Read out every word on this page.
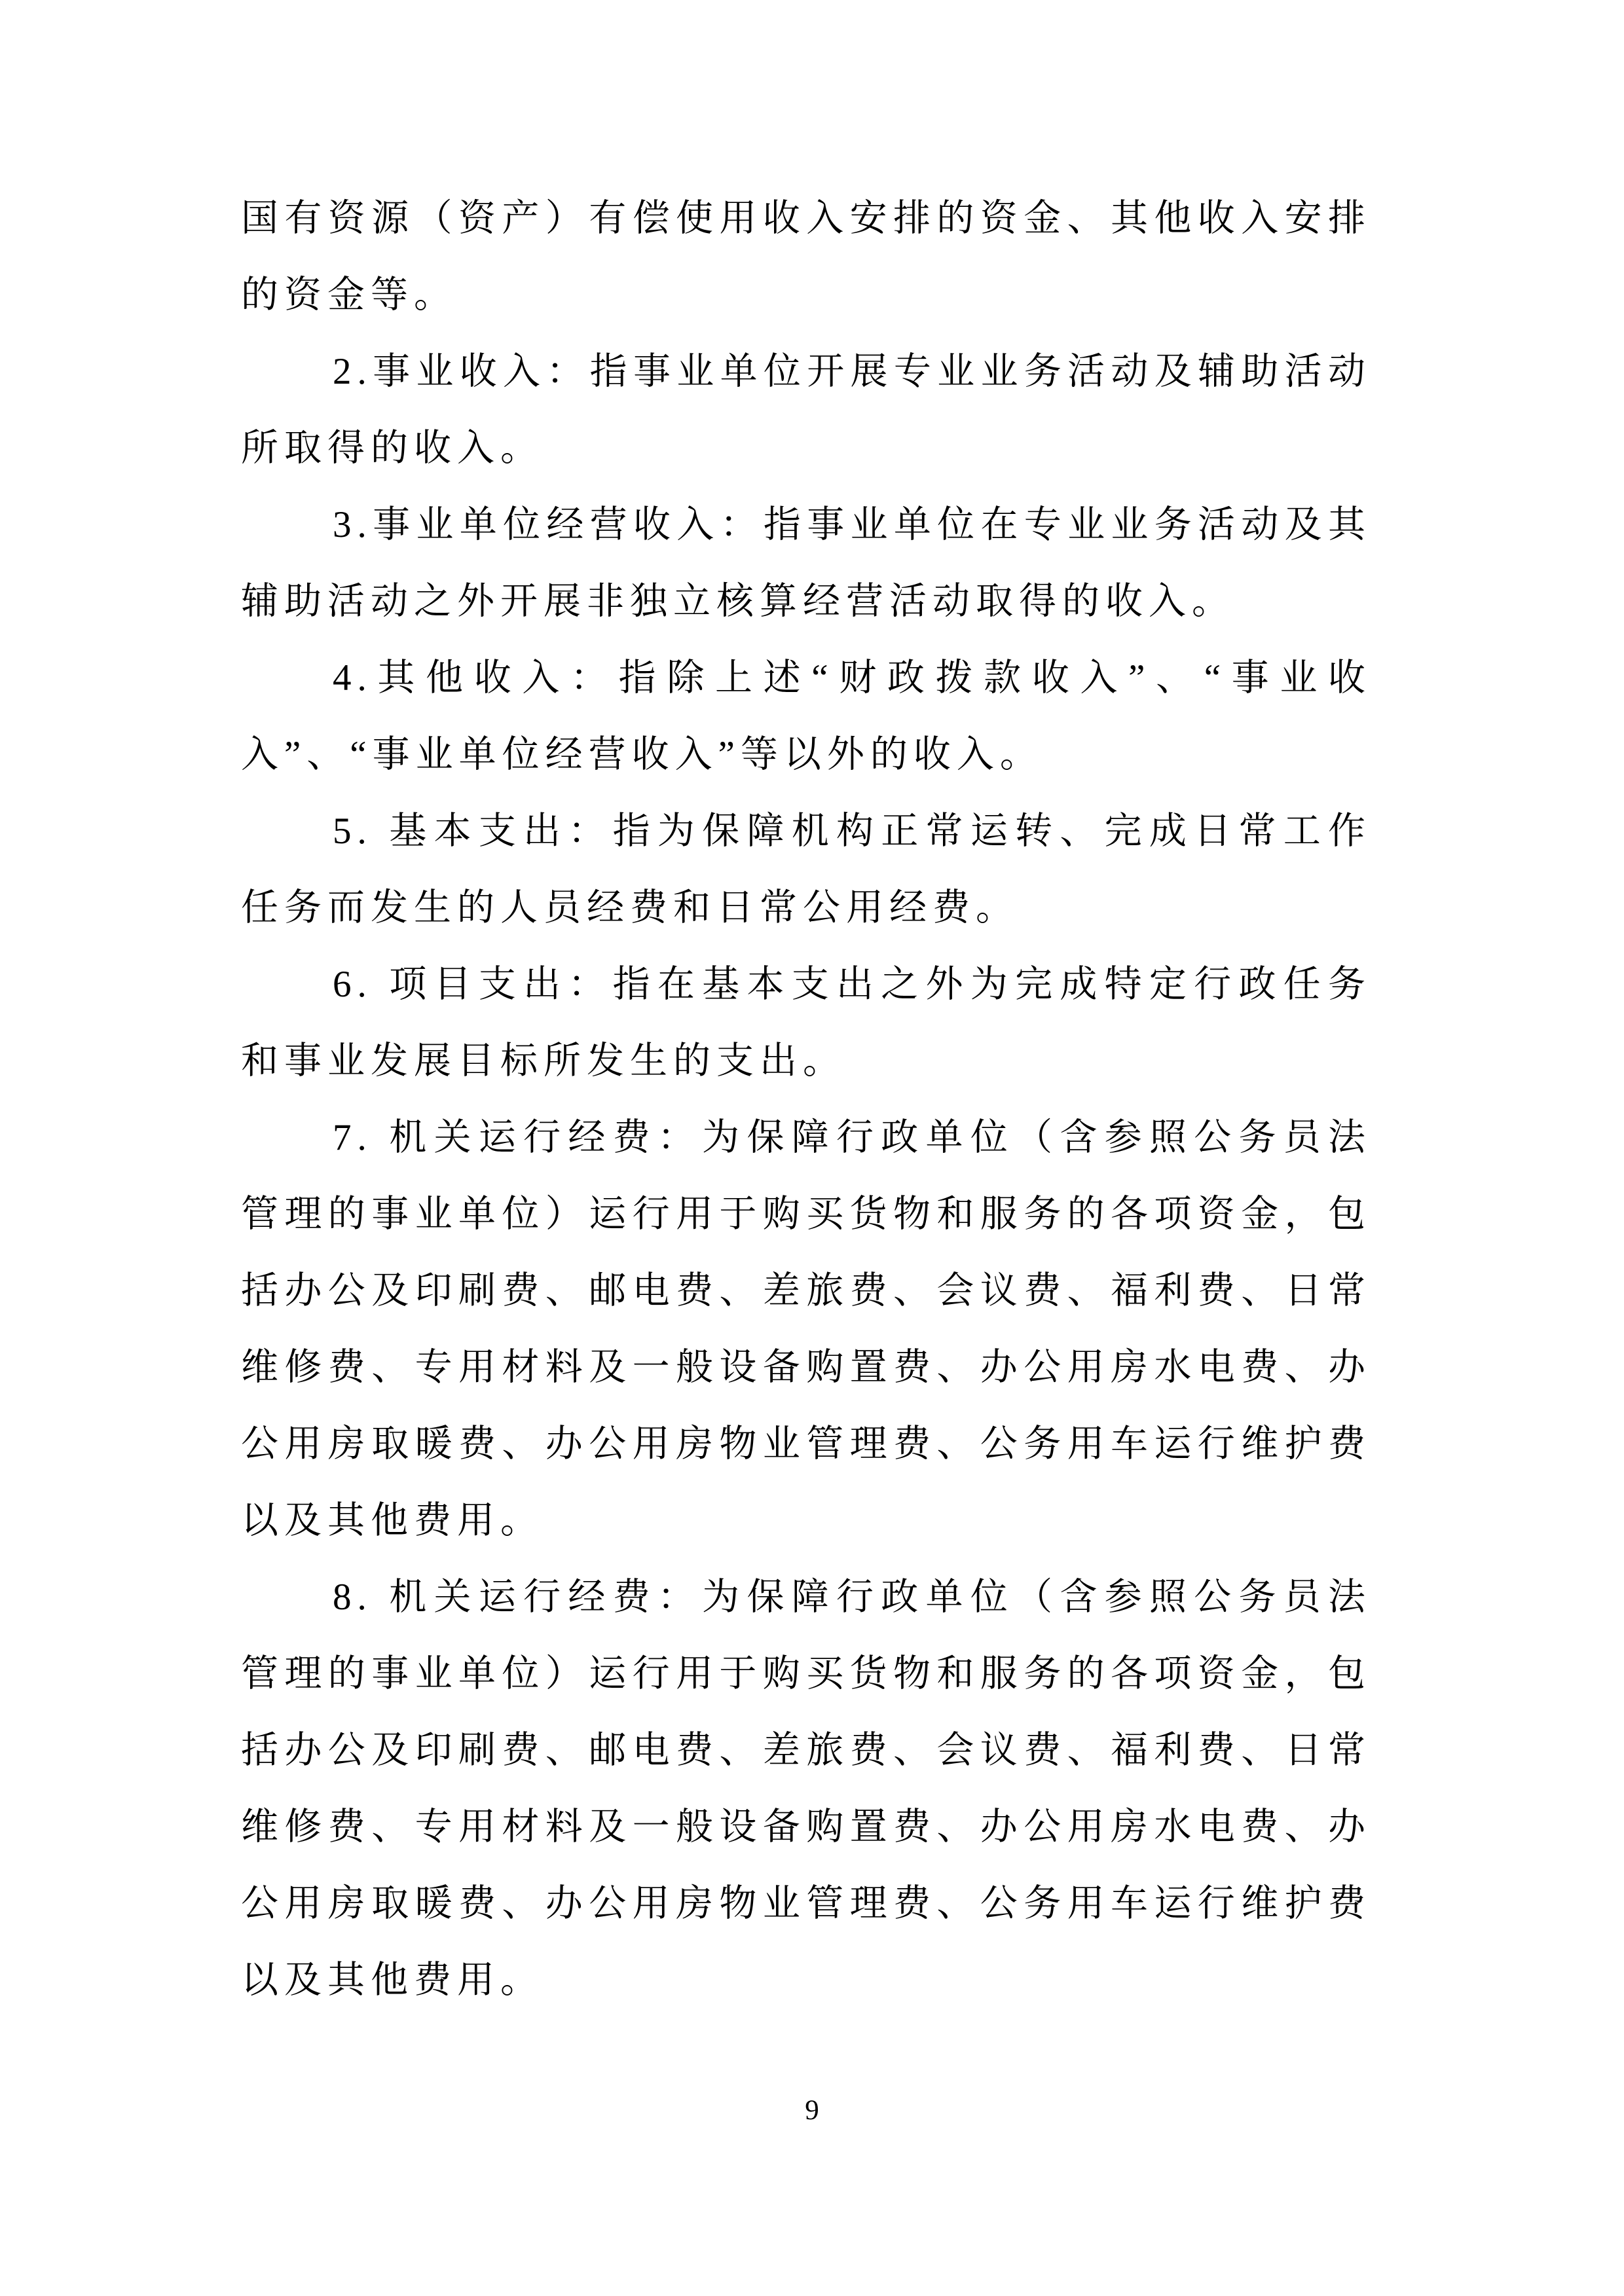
国有资源（资产）有偿使用收入安排的资金、其他收入安排的资金等。

2.事业收入：指事业单位开展专业业务活动及辅助活动所取得的收入。

3.事业单位经营收入：指事业单位在专业业务活动及其辅助活动之外开展非独立核算经营活动取得的收入。

4.其他收入：指除上述“财政拨款收入”、“事业收入”、“事业单位经营收入”等以外的收入。

5. 基本支出：指为保障机构正常运转、完成日常工作任务而发生的人员经费和日常公用经费。

6. 项目支出：指在基本支出之外为完成特定行政任务和事业发展目标所发生的支出。

7. 机关运行经费：为保障行政单位（含参照公务员法管理的事业单位）运行用于购买货物和服务的各项资金，包括办公及印刷费、邮电费、差旅费、会议费、福利费、日常维修费、专用材料及一般设备购置费、办公用房水电费、办公用房取暖费、办公用房物业管理费、公务用车运行维护费以及其他费用。

8. 机关运行经费：为保障行政单位（含参照公务员法管理的事业单位）运行用于购买货物和服务的各项资金，包括办公及印刷费、邮电费、差旅费、会议费、福利费、日常维修费、专用材料及一般设备购置费、办公用房水电费、办公用房取暖费、办公用房物业管理费、公务用车运行维护费以及其他费用。

9
